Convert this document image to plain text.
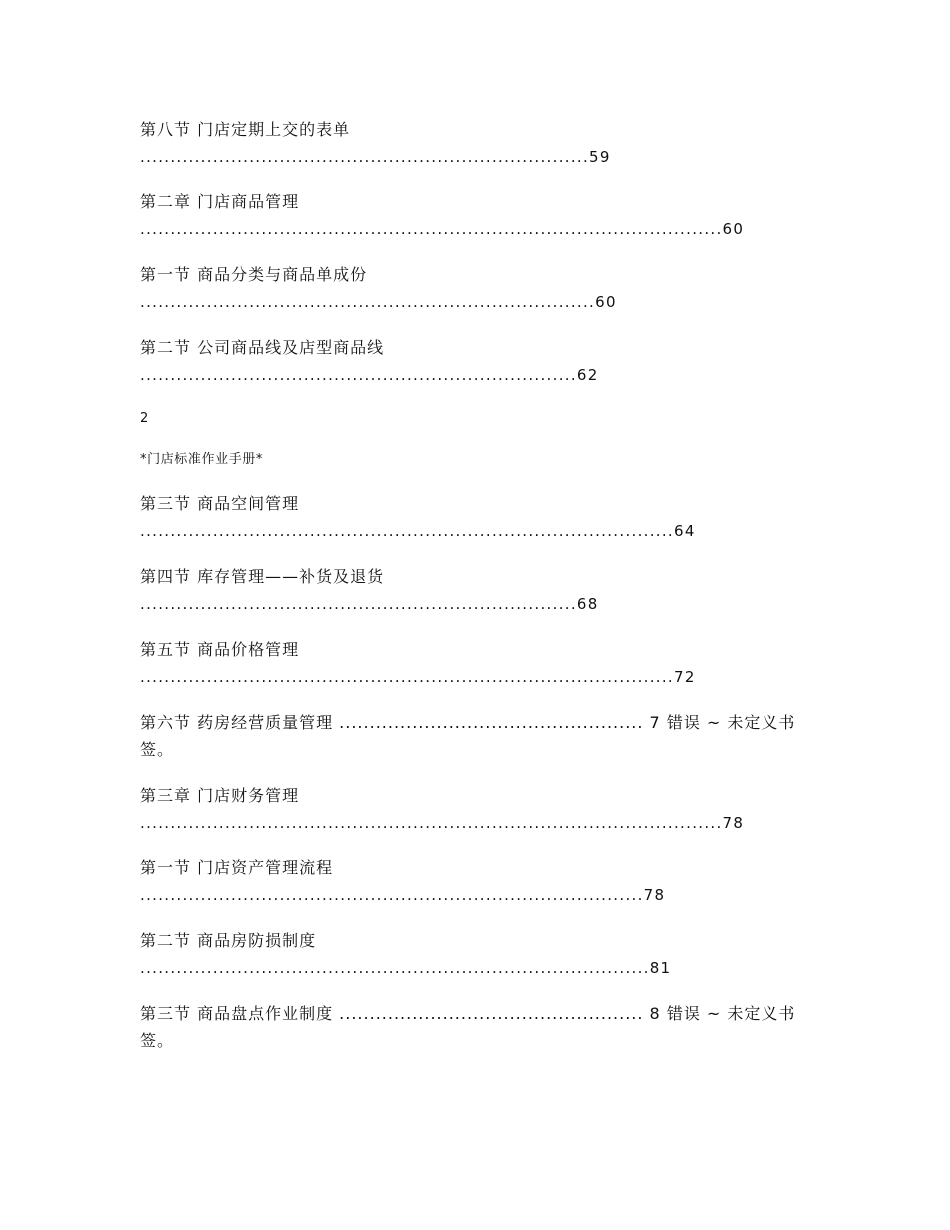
第八节 门店定期上交的表单
..........................................................................59
第二章 门店商品管理
................................................................................................60
第一节 商品分类与商品单成份
...........................................................................60
第二节 公司商品线及店型商品线
........................................................................62
2
*门店标准作业手册*
第三节 商品空间管理
........................................................................................64
第四节 库存管理——补货及退货
........................................................................68
第五节 商品价格管理
........................................................................................72
第六节 药房经营质量管理 .................................................. 7 错误 ~ 未定义书
签。
第三章 门店财务管理
................................................................................................78
第一节 门店资产管理流程
...................................................................................78
第二节 商品房防损制度
....................................................................................81
第三节 商品盘点作业制度 .................................................. 8 错误 ~ 未定义书
签。
